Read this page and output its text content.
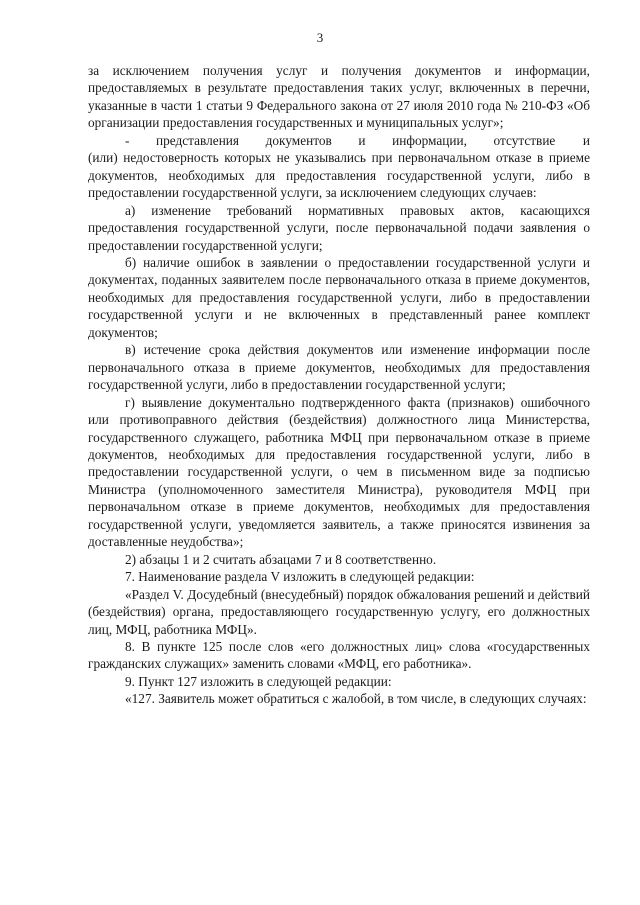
3

за исключением получения услуг и получения документов и информации, предоставляемых в результате предоставления таких услуг, включенных в перечни, указанные в части 1 статьи 9 Федерального закона от 27 июля 2010 года № 210-ФЗ «Об организации предоставления государственных и муниципальных услуг»;

-  представления  документов  и  информации,  отсутствие и (или) недостоверность которых не указывались при первоначальном отказе в приеме документов, необходимых для предоставления государственной услуги, либо в предоставлении государственной услуги, за исключением следующих случаев:

а) изменение требований нормативных правовых актов, касающихся предоставления государственной услуги, после первоначальной подачи заявления о предоставлении государственной услуги;

б) наличие ошибок в заявлении о предоставлении государственной услуги и документах, поданных заявителем после первоначального отказа в приеме документов, необходимых для предоставления государственной услуги, либо в предоставлении государственной услуги и не включенных в представленный ранее комплект документов;

в) истечение срока действия документов или изменение информации после первоначального отказа в приеме документов, необходимых для предоставления государственной услуги, либо в предоставлении государственной услуги;

г) выявление документально подтвержденного факта (признаков) ошибочного или противоправного действия (бездействия) должностного лица Министерства, государственного служащего, работника МФЦ при первоначальном отказе в приеме документов, необходимых для предоставления государственной услуги, либо в предоставлении государственной услуги, о чем в письменном виде за подписью Министра (уполномоченного заместителя Министра), руководителя МФЦ при первоначальном отказе в приеме документов, необходимых для предоставления государственной услуги, уведомляется заявитель, а также приносятся извинения за доставленные неудобства»;

2) абзацы 1 и 2 считать абзацами 7 и 8 соответственно.

7. Наименование раздела V изложить в следующей редакции:

«Раздел V. Досудебный (внесудебный) порядок обжалования решений и действий (бездействия) органа, предоставляющего государственную услугу, его должностных лиц, МФЦ, работника МФЦ».

8. В пункте 125 после слов «его должностных лиц» слова «государственных гражданских служащих» заменить словами «МФЦ, его работника».

9. Пункт 127 изложить в следующей редакции:

«127. Заявитель может обратиться с жалобой, в том числе, в следующих случаях:
